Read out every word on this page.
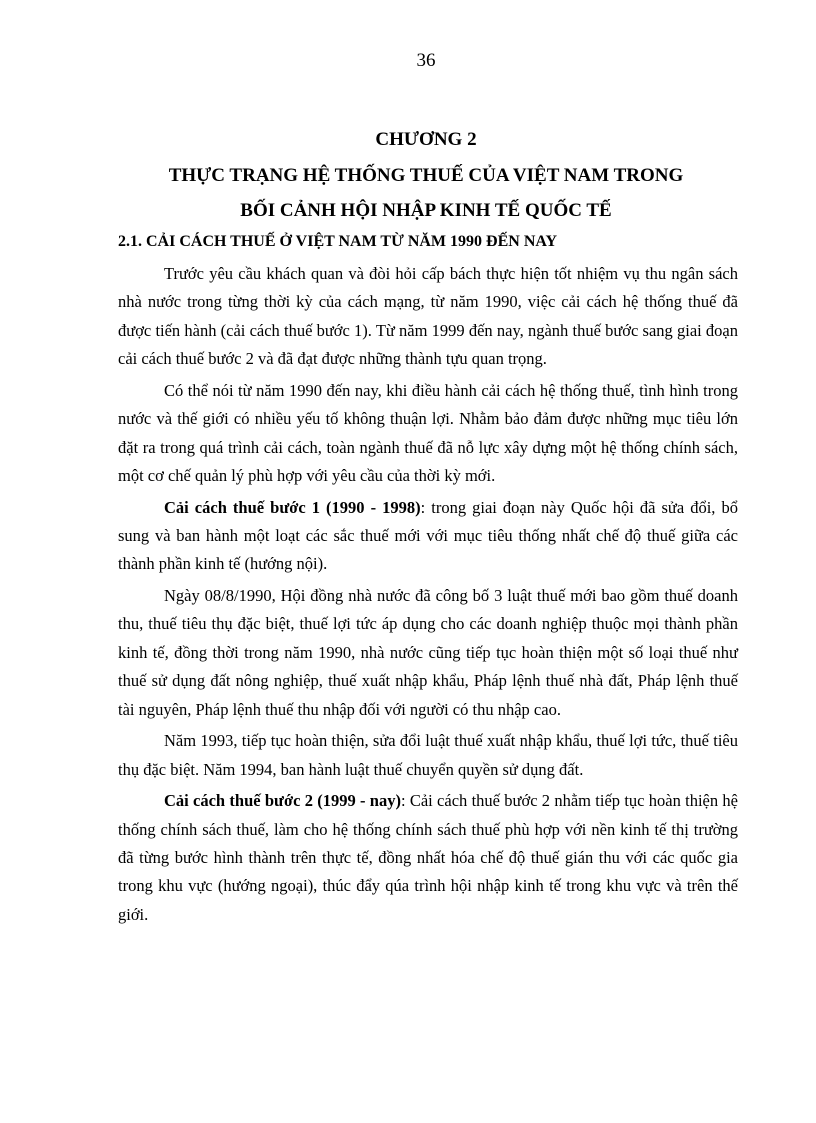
36
CHƯƠNG 2
THỰC TRẠNG HỆ THỐNG THUẾ CỦA VIỆT NAM TRONG
BỐI CẢNH HỘI NHẬP KINH TẾ QUỐC TẾ
2.1. CẢI CÁCH THUẾ Ở VIỆT NAM TỪ NĂM 1990 ĐẾN NAY

Trước yêu cầu khách quan và đòi hỏi cấp bách thực hiện tốt nhiệm vụ thu ngân sách nhà nước trong từng thời kỳ của cách mạng, từ năm 1990, việc cải cách hệ thống thuế đã được tiến hành (cải cách thuế bước 1). Từ năm 1999 đến nay, ngành thuế bước sang giai đoạn cải cách thuế bước 2 và đã đạt được những thành tựu quan trọng.

Có thể nói từ năm 1990 đến nay, khi điều hành cải cách hệ thống thuế, tình hình trong nước và thế giới có nhiều yếu tố không thuận lợi. Nhằm bảo đảm được những mục tiêu lớn đặt ra trong quá trình cải cách, toàn ngành thuế đã nỗ lực xây dựng một hệ thống chính sách, một cơ chế quản lý phù hợp với yêu cầu của thời kỳ mới.

Cải cách thuế bước 1 (1990 - 1998): trong giai đoạn này Quốc hội đã sửa đổi, bổ sung và ban hành một loạt các sắc thuế mới với mục tiêu thống nhất chế độ thuế giữa các thành phần kinh tế (hướng nội).

Ngày 08/8/1990, Hội đồng nhà nước đã công bố 3 luật thuế mới bao gồm thuế doanh thu, thuế tiêu thụ đặc biệt, thuế lợi tức áp dụng cho các doanh nghiệp thuộc mọi thành phần kinh tế, đồng thời trong năm 1990, nhà nước cũng tiếp tục hoàn thiện một số loại thuế như thuế sử dụng đất nông nghiệp, thuế xuất nhập khẩu, Pháp lệnh thuế nhà đất, Pháp lệnh thuế tài nguyên, Pháp lệnh thuế thu nhập đối với người có thu nhập cao.

Năm 1993, tiếp tục hoàn thiện, sửa đổi luật thuế xuất nhập khẩu, thuế lợi tức, thuế tiêu thụ đặc biệt. Năm 1994, ban hành luật thuế chuyển quyền sử dụng đất.

Cải cách thuế bước 2 (1999 - nay): Cải cách thuế bước 2 nhằm tiếp tục hoàn thiện hệ thống chính sách thuế, làm cho hệ thống chính sách thuế phù hợp với nền kinh tế thị trường đã từng bước hình thành trên thực tế, đồng nhất hóa chế độ thuế gián thu với các quốc gia trong khu vực (hướng ngoại), thúc đẩy qúa trình hội nhập kinh tế trong khu vực và trên thế giới.
